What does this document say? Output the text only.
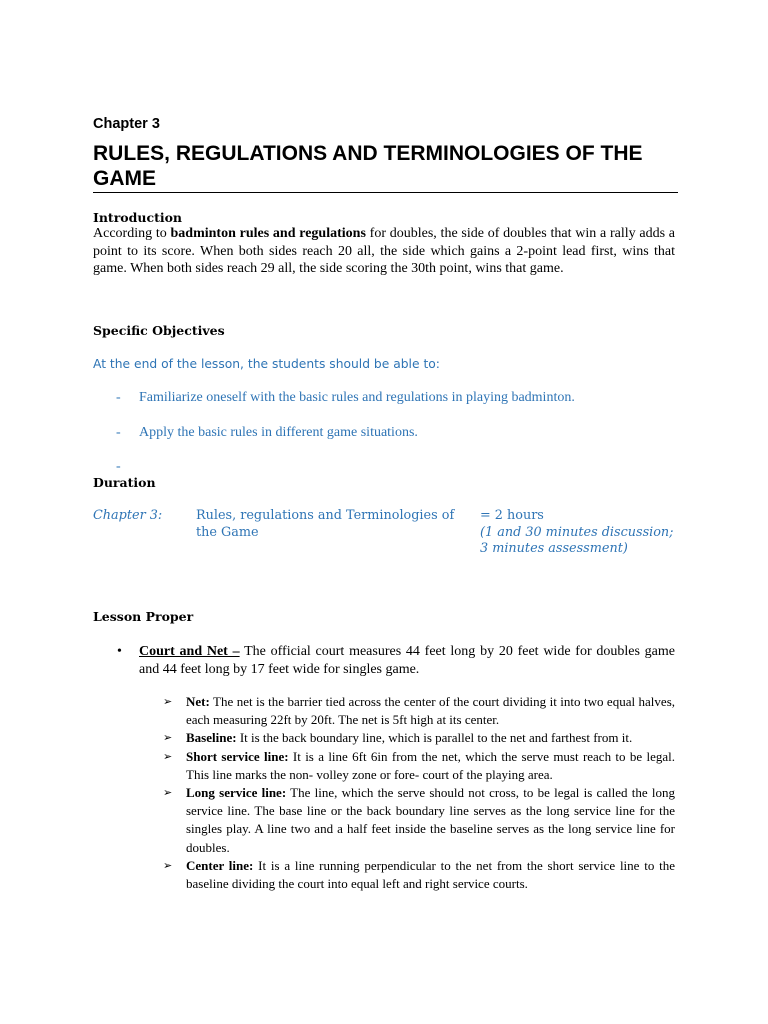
Chapter 3
RULES, REGULATIONS AND TERMINOLOGIES OF THE GAME
Introduction

According to badminton rules and regulations for doubles, the side of doubles that win a rally adds a point to its score. When both sides reach 20 all, the side which gains a 2-point lead first, wins that game. When both sides reach 29 all, the side scoring the 30th point, wins that game.

Specific Objectives
At the end of the lesson, the students should be able to:
- Familiarize oneself with the basic rules and regulations in playing badminton.
- Apply the basic rules in different game situations.
-
Duration
Chapter 3:	Rules, regulations and Terminologies of the Game
= 2 hours
(1 and 30 minutes discussion;
3 minutes assessment)
Lesson Proper
• Court and Net – The official court measures 44 feet long by 20 feet wide for doubles game and 44 feet long by 17 feet wide for singles game.
➢ Net: The net is the barrier tied across the center of the court dividing it into two equal halves, each measuring 22ft by 20ft. The net is 5ft high at its center.
➢ Baseline: It is the back boundary line, which is parallel to the net and farthest from it.
➢ Short service line: It is a line 6ft 6in from the net, which the serve must reach to be legal. This line marks the non- volley zone or fore- court of the playing area.
➢ Long service line: The line, which the serve should not cross, to be legal is called the long service line. The base line or the back boundary line serves as the long service line for the singles play. A line two and a half feet inside the baseline serves as the long service line for doubles.
➢ Center line: It is a line running perpendicular to the net from the short service line to the baseline dividing the court into equal left and right service courts.
